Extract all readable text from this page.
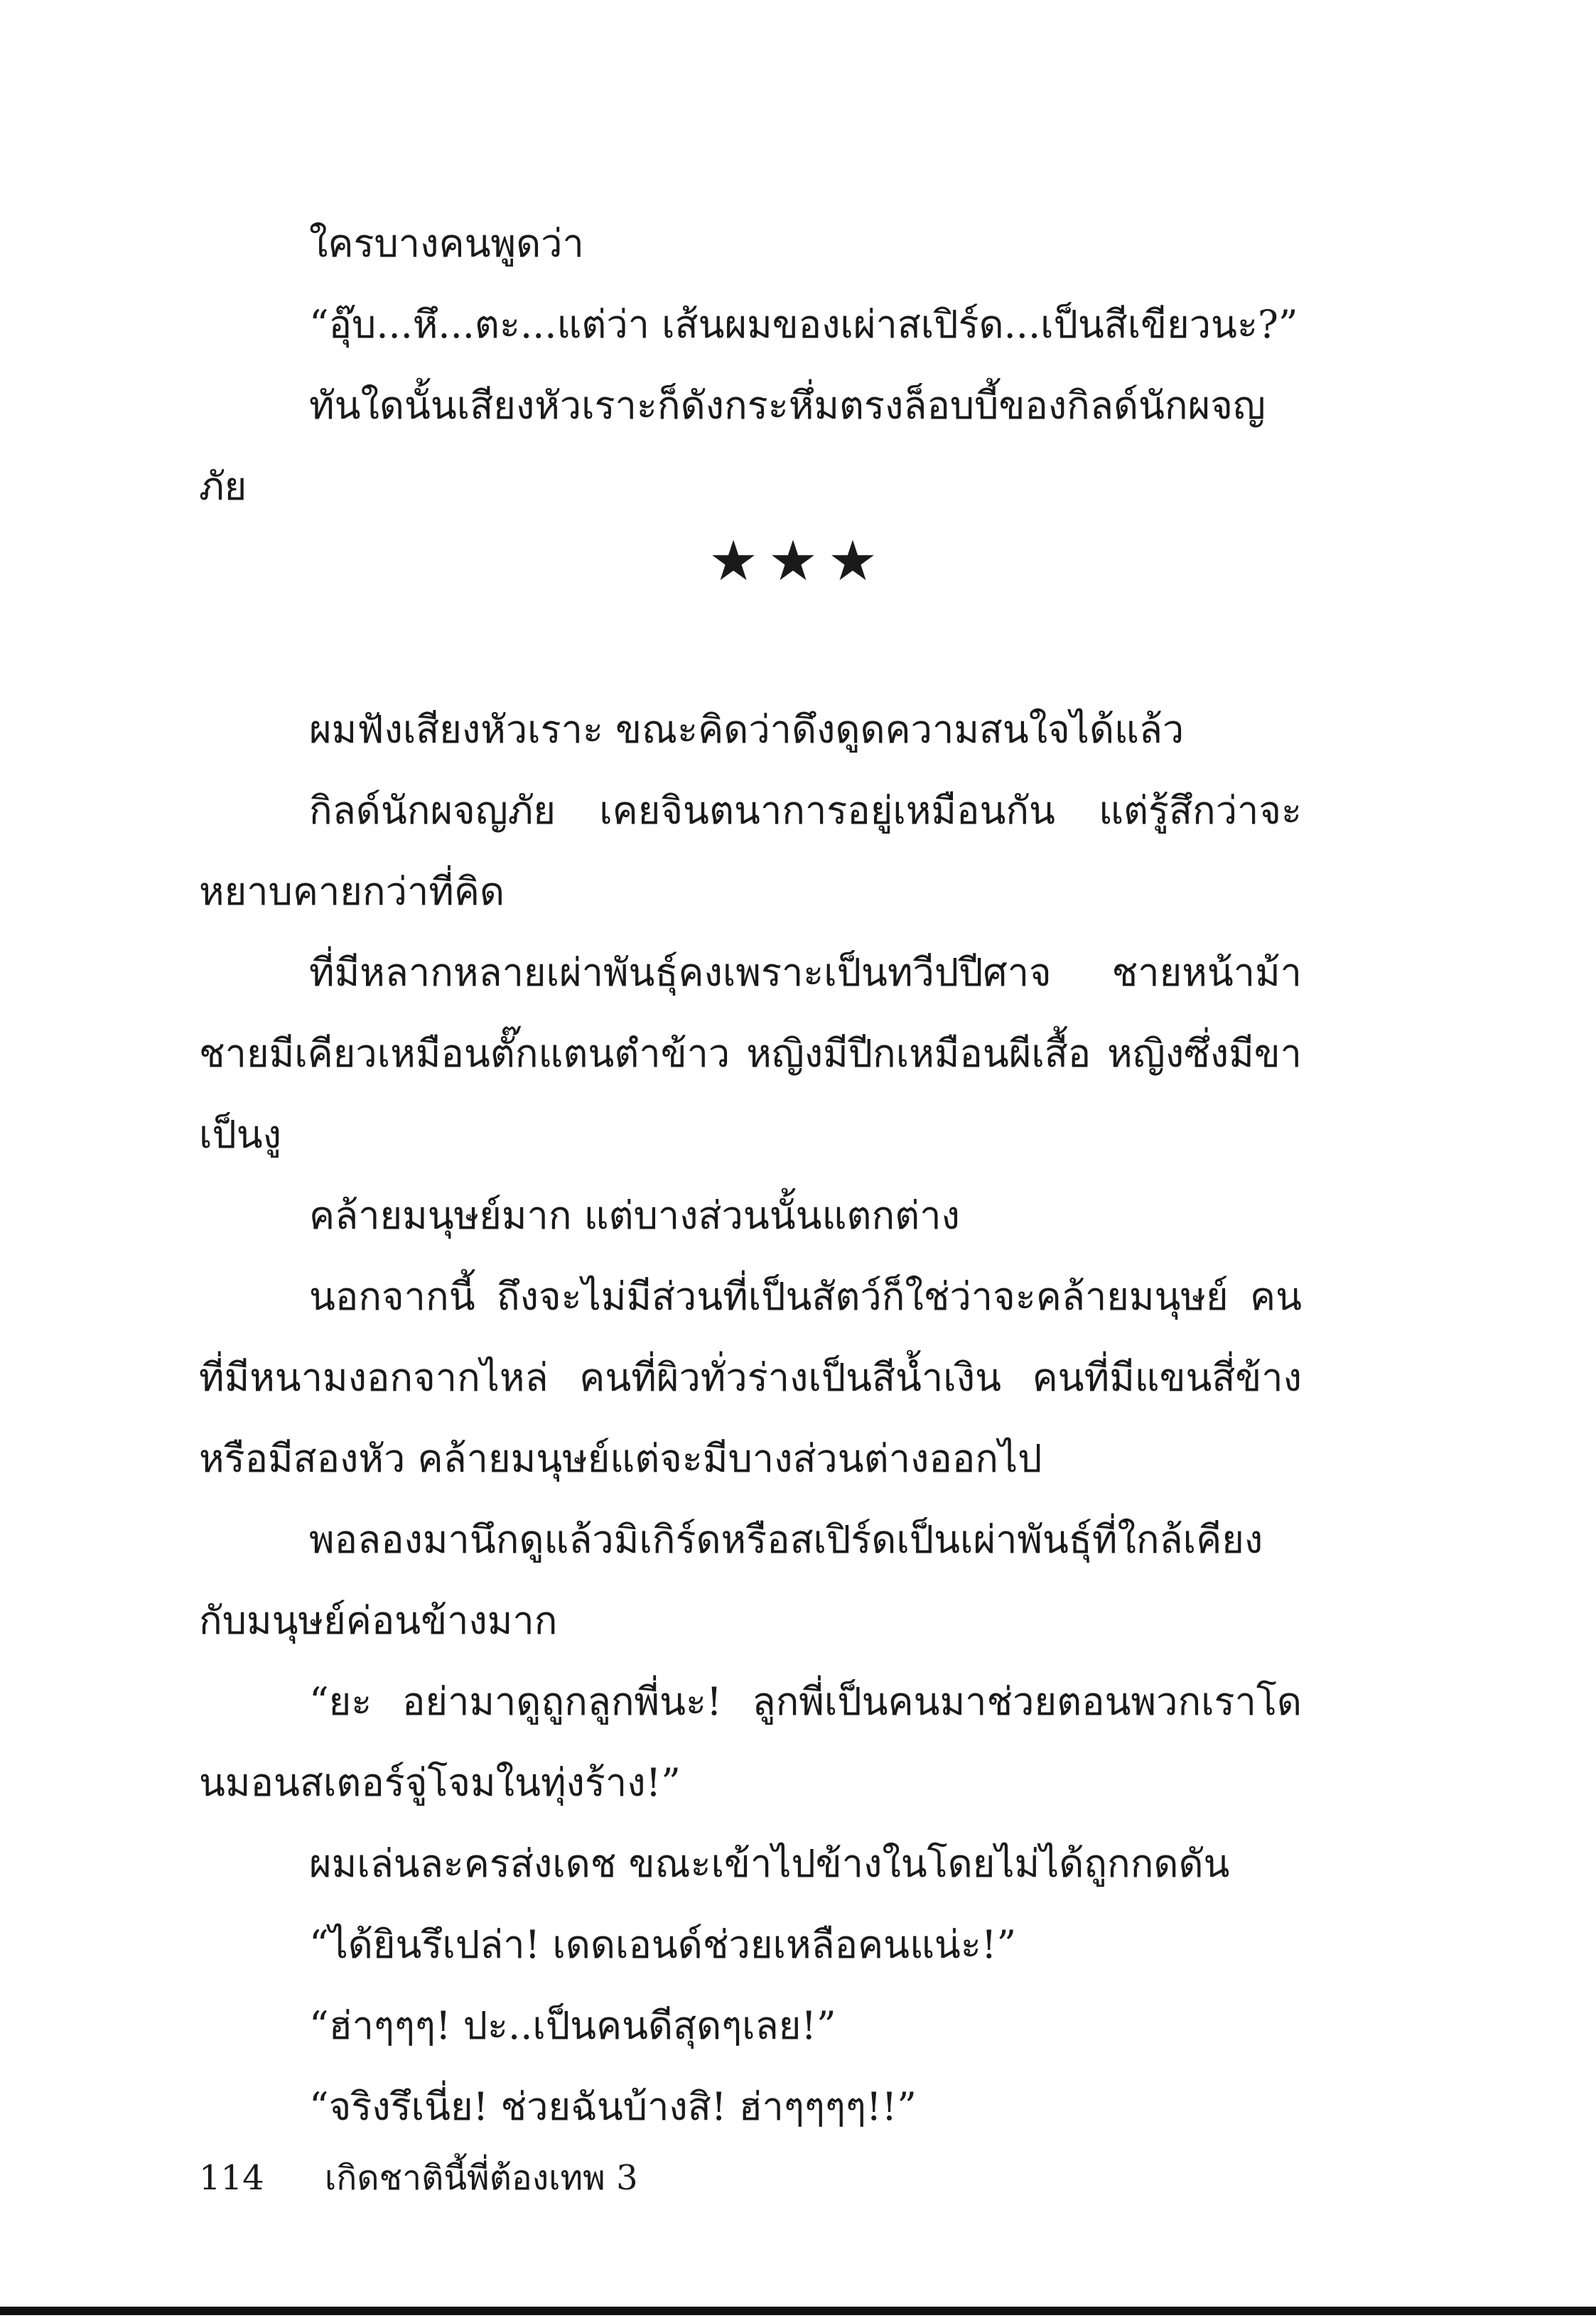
ใครบางคนพูดว่า

“อุ๊บ...หึ...ตะ...แต่ว่า เส้นผมของเผ่าสเปิร์ด...เป็นสีเขียวนะ?”

ทันใดนั้นเสียงหัวเราะก็ดังกระหึ่มตรงล็อบบี้ของกิลด์นักผจญภัย

★★★

ผมฟังเสียงหัวเราะ ขณะคิดว่าดึงดูดความสนใจได้แล้ว

กิลด์นักผจญภัย เคยจินตนาการอยู่เหมือนกัน แต่รู้สึกว่าจะหยาบคายกว่าที่คิด

ที่มีหลากหลายเผ่าพันธุ์คงเพราะเป็นทวีปปีศาจ ชายหน้าม้า ชายมีเคียวเหมือนตั๊กแตนตำข้าว หญิงมีปีกเหมือนผีเสื้อ หญิงซึ่งมีขาเป็นงู

คล้ายมนุษย์มาก แต่บางส่วนนั้นแตกต่าง

นอกจากนี้ ถึงจะไม่มีส่วนที่เป็นสัตว์ก็ใช่ว่าจะคล้ายมนุษย์ คนที่มีหนามงอกจากไหล่ คนที่ผิวทั่วร่างเป็นสีน้ำเงิน คนที่มีแขนสี่ข้าง หรือมีสองหัว คล้ายมนุษย์แต่จะมีบางส่วนต่างออกไป

พอลองมานึกดูแล้วมิเกิร์ดหรือสเปิร์ดเป็นเผ่าพันธุ์ที่ใกล้เคียงกับมนุษย์ค่อนข้างมาก

“ยะ อย่ามาดูถูกลูกพี่นะ! ลูกพี่เป็นคนมาช่วยตอนพวกเราโดนมอนสเตอร์จู่โจมในทุ่งร้าง!”

ผมเล่นละครส่งเดช ขณะเข้าไปข้างในโดยไม่ได้ถูกกดดัน

“ได้ยินรึเปล่า! เดดเอนด์ช่วยเหลือคนแน่ะ!”

“ฮ่าๆๆๆ! ปะ..เป็นคนดีสุดๆเลย!”

“จริงรึเนี่ย! ช่วยฉันบ้างสิ! ฮ่าๆๆๆๆ!!”

114 เกิดชาตินี้พี่ต้องเทพ 3
